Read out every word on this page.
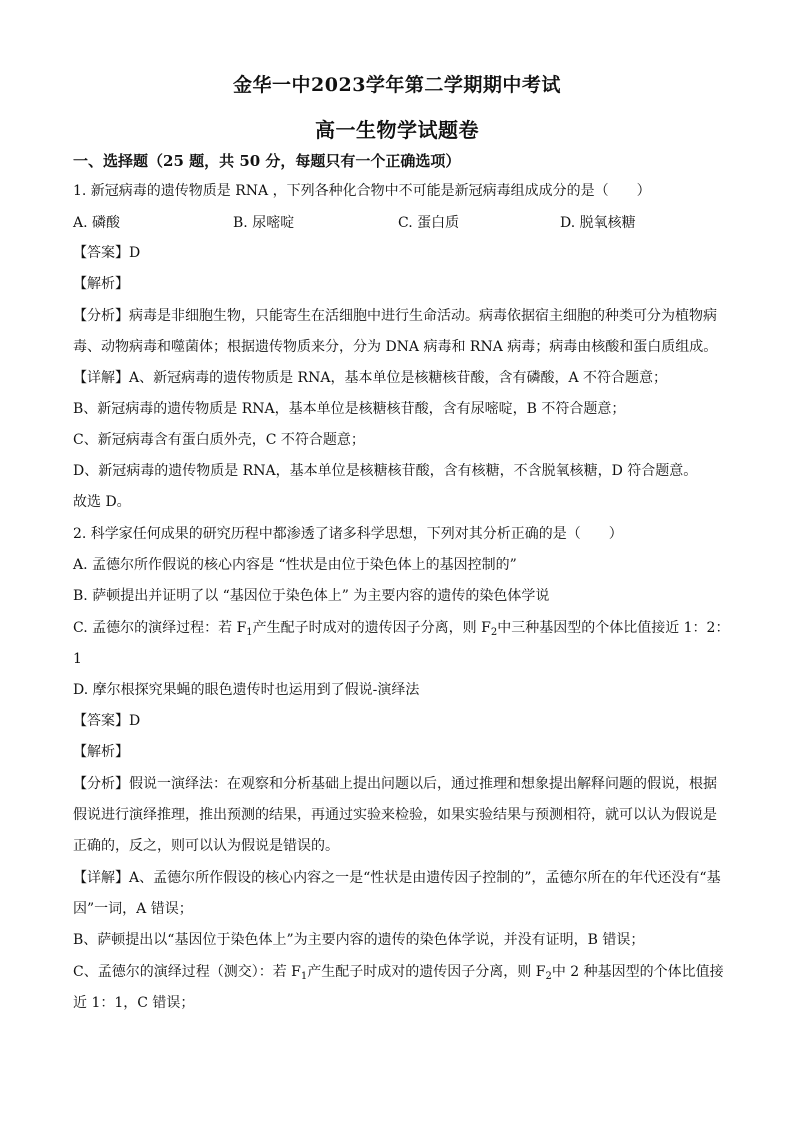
金华一中2023学年第二学期期中考试
高一生物学试题卷
一、选择题（25 题，共 50 分，每题只有一个正确选项）
1. 新冠病毒的遗传物质是 RNA ，下列各种化合物中不可能是新冠病毒组成成分的是（　　）
A. 磷酸	B. 尿嘧啶	C. 蛋白质	D. 脱氧核糖
【答案】D
【解析】
【分析】病毒是非细胞生物，只能寄生在活细胞中进行生命活动。病毒依据宿主细胞的种类可分为植物病
毒、动物病毒和噬菌体；根据遗传物质来分，分为 DNA 病毒和 RNA 病毒；病毒由核酸和蛋白质组成。
【详解】A、新冠病毒的遗传物质是 RNA，基本单位是核糖核苷酸，含有磷酸，A 不符合题意；
B、新冠病毒的遗传物质是 RNA，基本单位是核糖核苷酸，含有尿嘧啶，B 不符合题意；
C、新冠病毒含有蛋白质外壳，C 不符合题意；
D、新冠病毒的遗传物质是 RNA，基本单位是核糖核苷酸，含有核糖，不含脱氧核糖，D 符合题意。
故选 D。
2. 科学家任何成果的研究历程中都渗透了诸多科学思想，下列对其分析正确的是（　　）
A. 孟德尔所作假说的核心内容是 “性状是由位于染色体上的基因控制的”
B. 萨顿提出并证明了以 “基因位于染色体上” 为主要内容的遗传的染色体学说
C. 孟德尔的演绎过程：若 $F_1$产生配子时成对的遗传因子分离，则 $F_2$中三种基因型的个体比值接近 1：2：
1
D. 摩尔根探究果蝇的眼色遗传时也运用到了假说-演绎法
【答案】D
【解析】
【分析】假说一演绎法：在观察和分析基础上提出问题以后，通过推理和想象提出解释问题的假说，根据
假说进行演绎推理，推出预测的结果，再通过实验来检验，如果实验结果与预测相符，就可以认为假说是
正确的，反之，则可以认为假说是错误的。
【详解】A、孟德尔所作假设的核心内容之一是“性状是由遗传因子控制的”，孟德尔所在的年代还没有“基
因”一词，A 错误；
B、萨顿提出以“基因位于染色体上”为主要内容的遗传的染色体学说，并没有证明，B 错误；
C、孟德尔的演绎过程（测交）：若 $F_1$产生配子时成对的遗传因子分离，则 $F_2$中 2 种基因型的个体比值接
近 1：1，C 错误；
